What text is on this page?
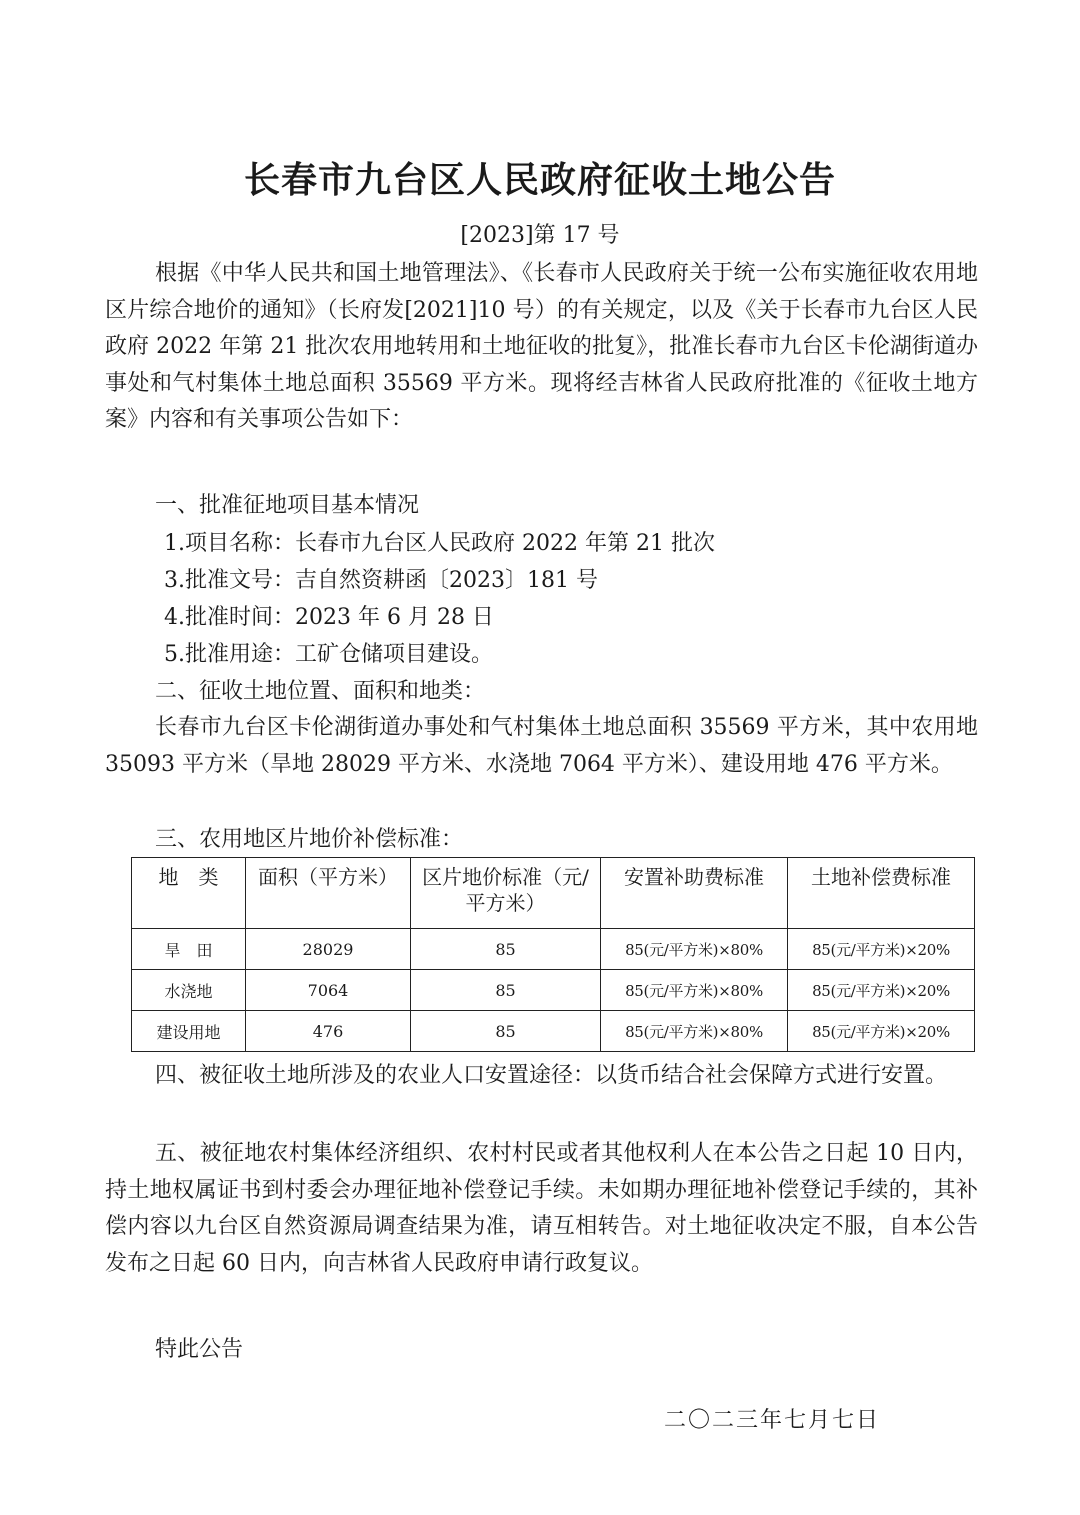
长春市九台区人民政府征收土地公告
[2023]第 17 号

根据《中华人民共和国土地管理法》、《长春市人民政府关于统一公布实施征收农用地区片综合地价的通知》（长府发[2021]10 号）的有关规定，以及《关于长春市九台区人民政府 2022 年第 21 批次农用地转用和土地征收的批复》，批准长春市九台区卡伦湖街道办事处和气村集体土地总面积 35569 平方米。现将经吉林省人民政府批准的《征收土地方案》内容和有关事项公告如下：

一、批准征地项目基本情况
1.项目名称：长春市九台区人民政府 2022 年第 21 批次
3.批准文号：吉自然资耕函〔2023〕181 号
4.批准时间：2023 年 6 月 28 日
5.批准用途：工矿仓储项目建设。
二、征收土地位置、面积和地类：

长春市九台区卡伦湖街道办事处和气村集体土地总面积 35569 平方米，其中农用地 35093 平方米（旱地 28029 平方米、水浇地 7064 平方米）、建设用地 476 平方米。

三、农用地区片地价补偿标准：
地　类	面积（平方米）	区片地价标准（元/平方米）	安置补助费标准	土地补偿费标准
旱　田	28029	85	85(元/平方米)×80%	85(元/平方米)×20%
水浇地	7064	85	85(元/平方米)×80%	85(元/平方米)×20%
建设用地	476	85	85(元/平方米)×80%	85(元/平方米)×20%

四、被征收土地所涉及的农业人口安置途径：以货币结合社会保障方式进行安置。

五、被征地农村集体经济组织、农村村民或者其他权利人在本公告之日起 10 日内，持土地权属证书到村委会办理征地补偿登记手续。未如期办理征地补偿登记手续的，其补偿内容以九台区自然资源局调查结果为准，请互相转告。对土地征收决定不服，自本公告发布之日起 60 日内，向吉林省人民政府申请行政复议。

特此公告
二〇二三年七月七日
